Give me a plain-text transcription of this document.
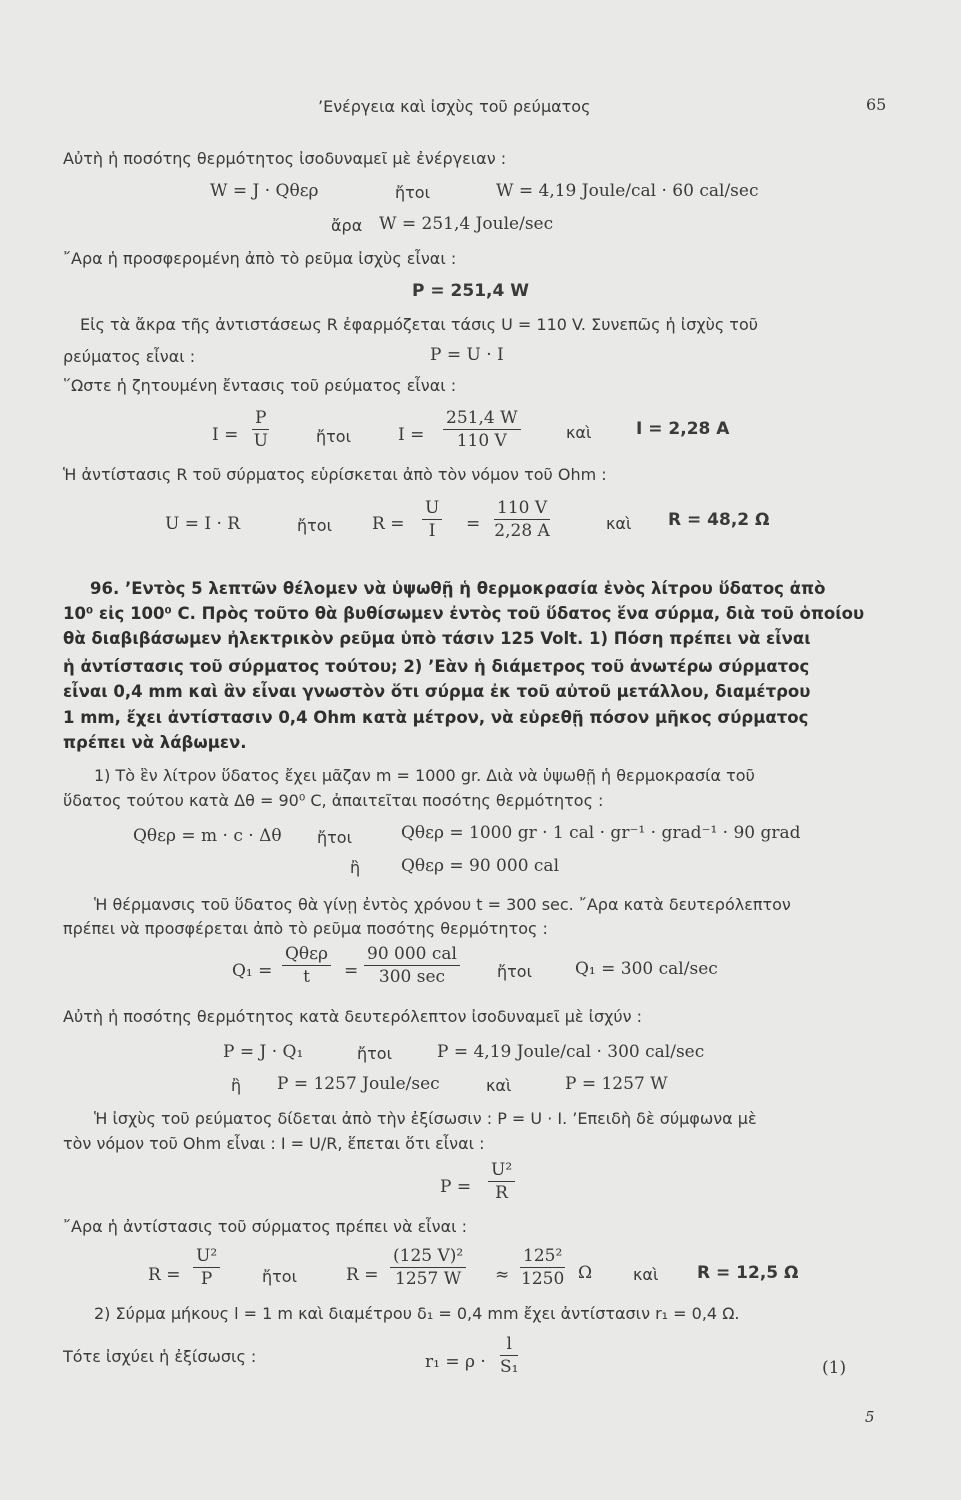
’Ενέργεια καὶ ἰσχὺς τοῦ ρεύματος	65
Αὐτὴ ἡ ποσότης θερμότητος ἰσοδυναμεῖ μὲ ἐνέργειαν :
W = J · Qθερ	ἤτοι	W = 4,19 Joule/cal · 60 cal/sec
ἄρα W = 251,4 Joule/sec
῎Αρα ἡ προσφερομένη ἀπὸ τὸ ρεῦμα ἰσχὺς εἶναι :
P = 251,4 W
Εἰς τὰ ἄκρα τῆς ἀντιστάσεως R ἐφαρμόζεται τάσις U = 110 V. Συνεπῶς ἡ ἰσχὺς τοῦ
ρεύματος εἶναι :	P = U · I
῞Ωστε ἡ ζητουμένη ἔντασις τοῦ ρεύματος εἶναι :
$I = \frac{P}{U}$	ἤτοι	$I = \frac{251,4 W}{110 V}$	καὶ	I = 2,28 A
Ἡ ἀντίστασις R τοῦ σύρματος εὑρίσκεται ἀπὸ τὸν νόμον τοῦ Ohm :
U = I · R	ἤτοι $R = \frac{U}{I} = \frac{110 V}{2,28 A}$	καὶ R = 48,2 Ω
96. ’Εντὸς 5 λεπτῶν θέλομεν νὰ ὑψωθῇ ἡ θερμοκρασία ἑνὸς λίτρου ὕδατος ἀπὸ
10⁰ εἰς 100⁰ C. Πρὸς τοῦτο θὰ βυθίσωμεν ἐντὸς τοῦ ὕδατος ἕνα σύρμα, διὰ τοῦ ὁποίου
θὰ διαβιβάσωμεν ἠλεκτρικὸν ρεῦμα ὑπὸ τάσιν 125 Volt. 1) Πόση πρέπει νὰ εἶναι
ἡ ἀντίστασις τοῦ σύρματος τούτου; 2) ’Εὰν ἡ διάμετρος τοῦ ἀνωτέρω σύρματος
εἶναι 0,4 mm καὶ ἂν εἶναι γνωστὸν ὅτι σύρμα ἐκ τοῦ αὐτοῦ μετάλλου, διαμέτρου
1 mm, ἔχει ἀντίστασιν 0,4 Ohm κατὰ μέτρον, νὰ εὑρεθῇ πόσον μῆκος σύρματος
πρέπει νὰ λάβωμεν.
1) Τὸ ἓν λίτρον ὕδατος ἔχει μᾶζαν m = 1000 gr. Διὰ νὰ ὑψωθῇ ἡ θερμοκρασία τοῦ
ὕδατος τούτου κατὰ Δθ = 90⁰ C, ἀπαιτεῖται ποσότης θερμότητος :
Qθερ = m · c · Δθ ἤτοι	Qθερ = 1000 gr · 1 cal · gr⁻¹ · grad⁻¹ · 90 grad
ἢ Qθερ = 90 000 cal
Ἡ θέρμανσις τοῦ ὕδατος θὰ γίνῃ ἐντὸς χρόνου t = 300 sec. ῎Αρα κατὰ δευτερόλεπτον
πρέπει νὰ προσφέρεται ἀπὸ τὸ ρεῦμα ποσότης θερμότητος :
Q₁ =
Qθερ
t	=
90 000 cal
300 sec	ἤτοι	Q₁ = 300 cal/sec
Αὐτὴ ἡ ποσότης θερμότητος κατὰ δευτερόλεπτον ἰσοδυναμεῖ μὲ ἰσχύν :
P = J · Q₁	ἤτοι	P = 4,19 Joule/cal · 300 cal/sec
ἢ P = 1257 Joule/sec	καὶ	P = 1257 W
Ἡ ἰσχὺς τοῦ ρεύματος δίδεται ἀπὸ τὴν ἐξίσωσιν : P = U · I. ’Επειδὴ δὲ σύμφωνα μὲ
τὸν νόμον τοῦ Ohm εἶναι : I = U/R, ἕπεται ὅτι εἶναι :
$P = \frac{\text{U²}}{R}$
῎Αρα ἡ ἀντίστασις τοῦ σύρματος πρέπει νὰ εἶναι :
$R = \frac{\text{U²}}{P}$	ἤτοι	$R = \frac{\text{(125 V)²}}{1257 W} \approx \frac{\text{125²}}{1250}$ Ω	καὶ R = 12,5 Ω
2) Σύρμα μήκους l = 1 m καὶ διαμέτρου δ₁ = 0,4 mm ἔχει ἀντίστασιν r₁ = 0,4 Ω.
Τότε ἰσχύει ἡ ἐξίσωσις :	$r_1 = \rho \cdot \frac{l}{\text{S₁}}$	(1)
5
